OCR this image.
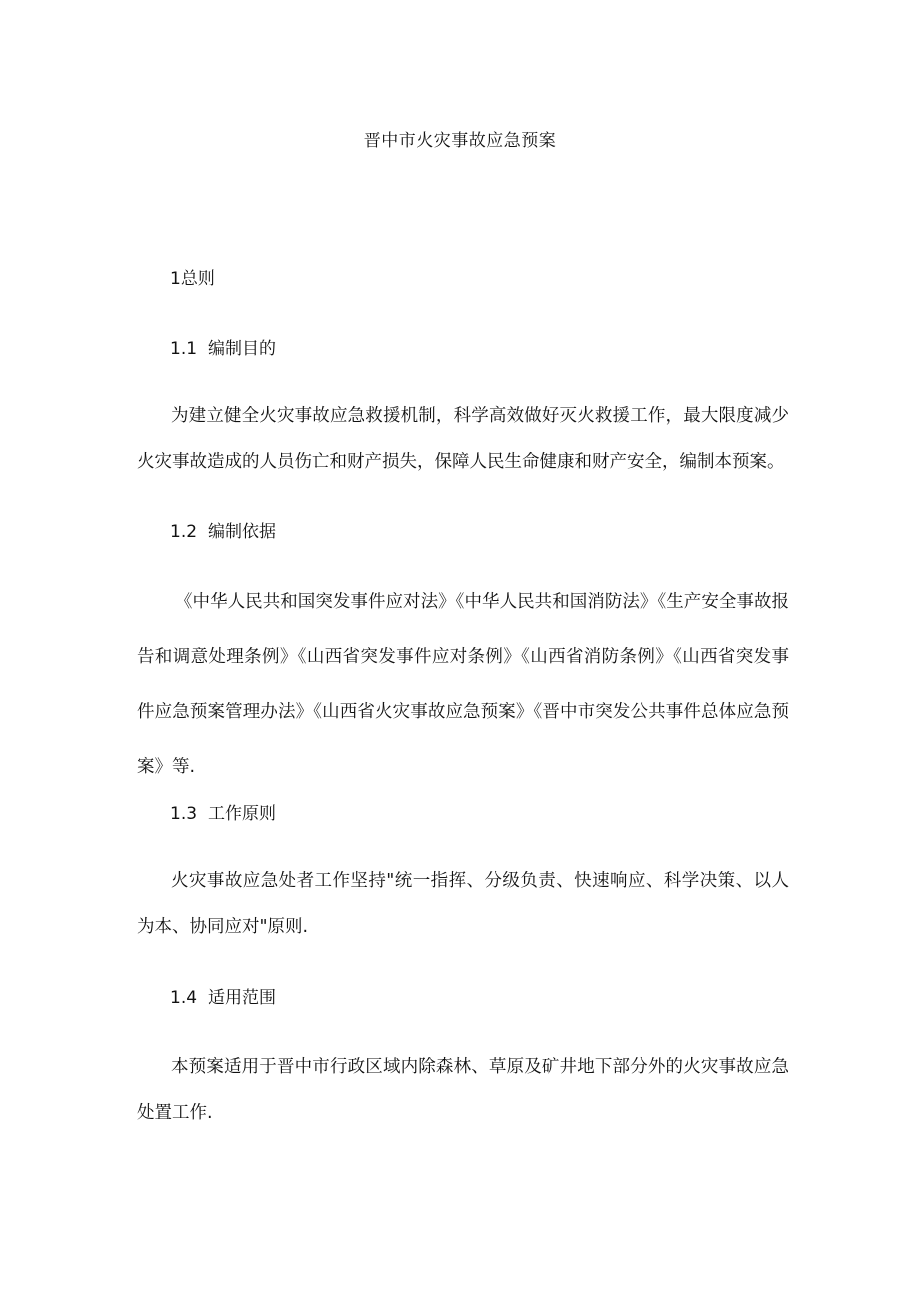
晋中市火灾事故应急预案
1总则
1.1 编制目的

为建立健全火灾事故应急救援机制，科学高效做好灭火救援工作，最大限度减少火灾事故造成的人员伤亡和财产损失，保障人民生命健康和财产安全，编制本预案。

1.2 编制依据

《中华人民共和国突发事件应对法》《中华人民共和国消防法》《生产安全事故报告和调意处理条例》《山西省突发事件应对条例》《山西省消防条例》《山西省突发事件应急预案管理办法》《山西省火灾事故应急预案》《晋中市突发公共事件总体应急预案》等.

1.3 工作原则

火灾事故应急处者工作坚持"统一指挥、分级负责、快速响应、科学决策、以人为本、协同应对"原则.

1.4 适用范围

本预案适用于晋中市行政区域内除森林、草原及矿井地下部分外的火灾事故应急处置工作.
